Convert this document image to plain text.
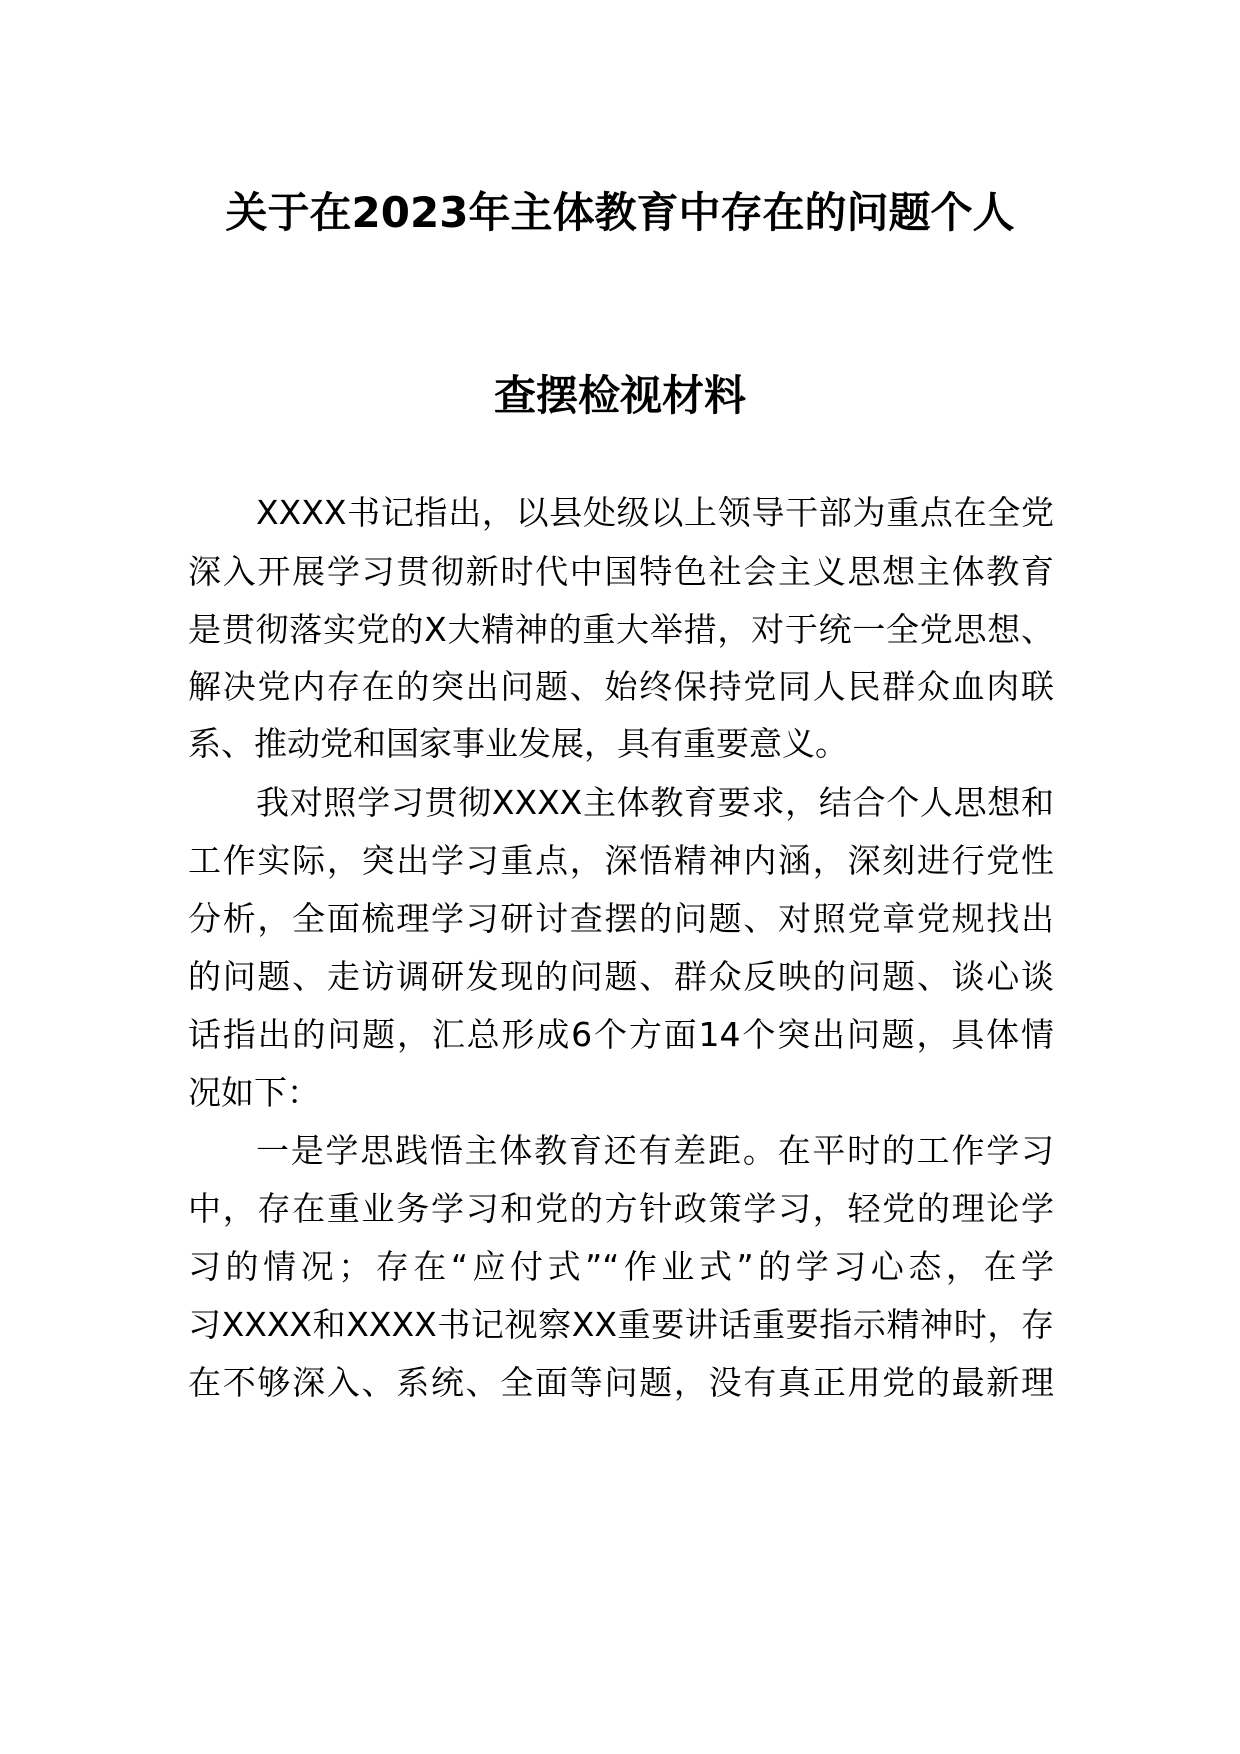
关于在2023年主体教育中存在的问题个人
查摆检视材料
XXXX书记指出，以县处级以上领导干部为重点在全党
深入开展学习贯彻新时代中国特色社会主义思想主体教育
是贯彻落实党的X大精神的重大举措，对于统一全党思想、
解决党内存在的突出问题、始终保持党同人民群众血肉联
系、推动党和国家事业发展，具有重要意义。
我对照学习贯彻XXXX主体教育要求，结合个人思想和
工作实际，突出学习重点，深悟精神内涵，深刻进行党性
分析，全面梳理学习研讨查摆的问题、对照党章党规找出
的问题、走访调研发现的问题、群众反映的问题、谈心谈
话指出的问题，汇总形成6个方面14个突出问题，具体情
况如下：
一是学思践悟主体教育还有差距。在平时的工作学习
中，存在重业务学习和党的方针政策学习，轻党的理论学
习的情况；存在“应付式”“作业式”的学习心态，在学
习XXXX和XXXX书记视察XX重要讲话重要指示精神时，存
在不够深入、系统、全面等问题，没有真正用党的最新理
